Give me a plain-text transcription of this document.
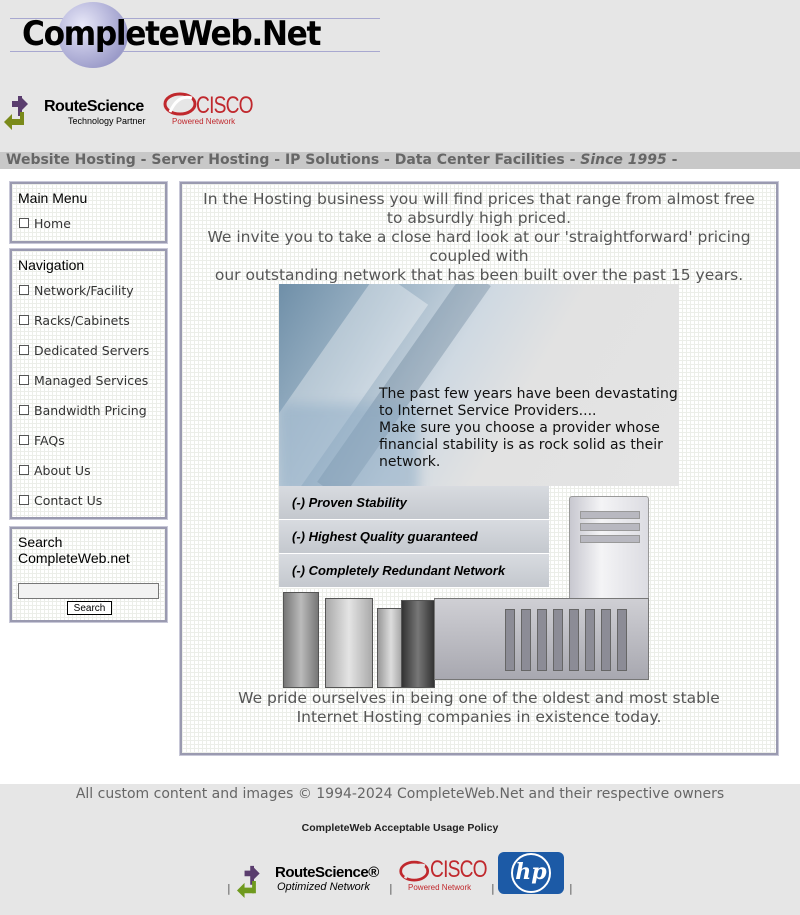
CompleteWeb.Net
RouteScience
Technology Partner
CISCO
Powered Network
Website Hosting - Server Hosting - IP Solutions - Data Center Facilities - Since 1995 -
Main Menu
Home
Navigation
Network/Facility
Racks/Cabinets
Dedicated Servers
Managed Services
Bandwidth Pricing
FAQs
About Us
Contact Us
Search
CompleteWeb.net
Search
In the Hosting business you will find prices that range from almost free
to absurdly high priced.
We invite you to take a close hard look at our 'straightforward' pricing
coupled with
our outstanding network that has been built over the past 15 years.
The past few years have been devastating
to Internet Service Providers....
Make sure you choose a provider whose
financial stability is as rock solid as their
network.
(-) Proven Stability
(-) Highest Quality guaranteed
(-) Completely Redundant Network
We pride ourselves in being one of the oldest and most stable
Internet Hosting companies in existence today.
All custom content and images © 1994-2024 CompleteWeb.Net and their respective owners
CompleteWeb Acceptable Usage Policy
|
RouteScience®
Optimized Network |
CISCO
Powered Network |
hp
|
